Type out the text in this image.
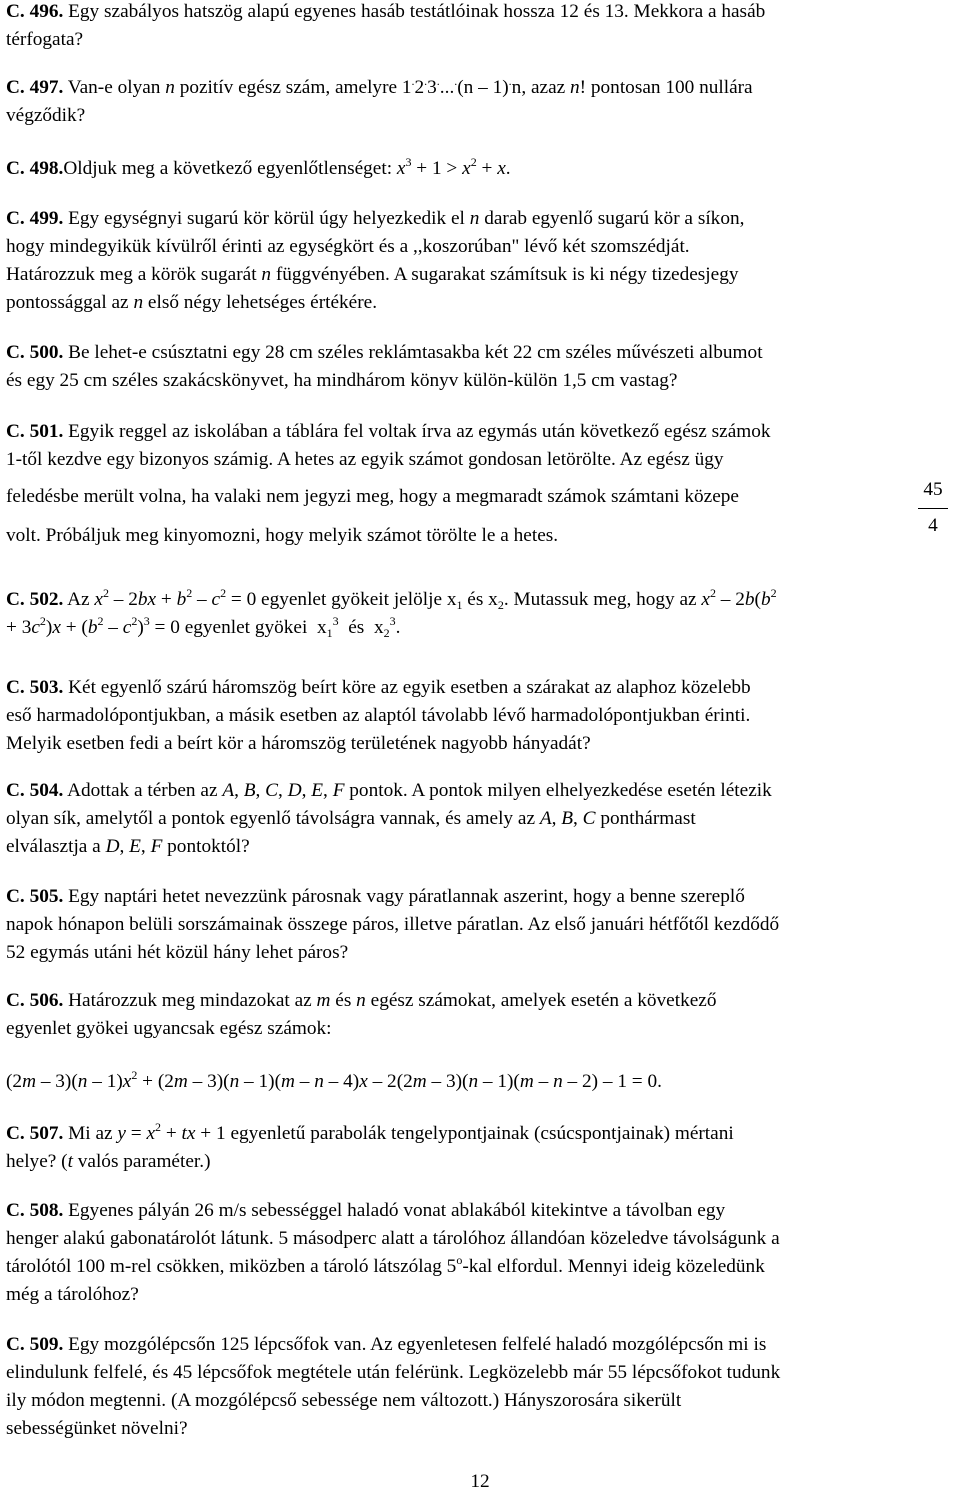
C. 496. Egy szabályos hatszög alapú egyenes hasáb testátlóinak hossza 12 és 13. Mekkora a hasáb
térfogata?

C. 497. Van-e olyan n pozitív egész szám, amelyre 1.2.3.....(n – 1).n, azaz n! pontosan 100 nullára
végződik?

C. 498.Oldjuk meg a következő egyenlőtlenséget: $x^3 + 1 > x^2 + x$.

C. 499. Egy egységnyi sugarú kör körül úgy helyezkedik el n darab egyenlő sugarú kör a síkon,
hogy mindegyikük kívülről érinti az egységkört és a ,,koszorúban" lévő két szomszédját.
Határozzuk meg a körök sugarát n függvényében. A sugarakat számítsuk is ki négy tizedesjegy
pontossággal az n első négy lehetséges értékére.

C. 500. Be lehet-e csúsztatni egy 28 cm széles reklámtasakba két 22 cm széles művészeti albumot
és egy 25 cm széles szakácskönyvet, ha mindhárom könyv külön-külön 1,5 cm vastag?

C. 501. Egyik reggel az iskolában a táblára fel voltak írva az egymás után következő egész számok
1-től kezdve egy bizonyos számig. A hetes az egyik számot gondosan letörölte. Az egész ügy
feledésbe merült volna, ha valaki nem jegyzi meg, hogy a megmaradt számok számtani közepe
volt. Próbáljuk meg kinyomozni, hogy melyik számot törölte le a hetes.

45
4

C. 502. Az $x^2 - 2bx + b^2 - c^2 = 0$ egyenlet gyökeit jelölje $x_1$ és $x_2$. Mutassuk meg, hogy az $x^2 - 2b(b^2$
+ $3c^2)x + (b^2 - c^2)^3 = 0$ egyenlet gyökei  $x_1^3$  és  $x_2^3$.

C. 503. Két egyenlő szárú háromszög beírt köre az egyik esetben a szárakat az alaphoz közelebb
eső harmadolópontjukban, a másik esetben az alaptól távolabb lévő harmadolópontjukban érinti.
Melyik esetben fedi a beírt kör a háromszög területének nagyobb hányadát?

C. 504. Adottak a térben az A, B, C, D, E, F pontok. A pontok milyen elhelyezkedése esetén létezik
olyan sík, amelytől a pontok egyenlő távolságra vannak, és amely az A, B, C ponthármast
elválasztja a D, E, F pontoktól?

C. 505. Egy naptári hetet nevezzünk párosnak vagy páratlannak aszerint, hogy a benne szereplő
napok hónapon belüli sorszámainak összege páros, illetve páratlan. Az első januári hétfőtől kezdődő
52 egymás utáni hét közül hány lehet páros?

C. 506. Határozzuk meg mindazokat az m és n egész számokat, amelyek esetén a következő
egyenlet gyökei ugyancsak egész számok:

$(2m - 3)(n - 1)x^2 + (2m - 3)(n - 1)(m - n - 4)x - 2(2m - 3)(n - 1)(m - n - 2) - 1 = 0$.

C. 507. Mi az $y = x^2$ + tx + 1 egyenletű parabolák tengelypontjainak (csúcspontjainak) mértani
helye? (t valós paraméter.)

C. 508. Egyenes pályán 26 m/s sebességgel haladó vonat ablakából kitekintve a távolban egy
henger alakú gabonatárolót látunk. 5 másodperc alatt a tárolóhoz állandóan közeledve távolságunk a
tárolótól 100 m-rel csökken, miközben a tároló látszólag 5$^o$-kal elfordul. Mennyi ideig közeledünk
még a tárolóhoz?

C. 509. Egy mozgólépcsőn 125 lépcsőfok van. Az egyenletesen felfelé haladó mozgólépcsőn mi is
elindulunk felfelé, és 45 lépcsőfok megtétele után felérünk. Legközelebb már 55 lépcsőfokot tudunk
ily módon megtenni. (A mozgólépcső sebessége nem változott.) Hányszorosára sikerült
sebességünket növelni?

12
